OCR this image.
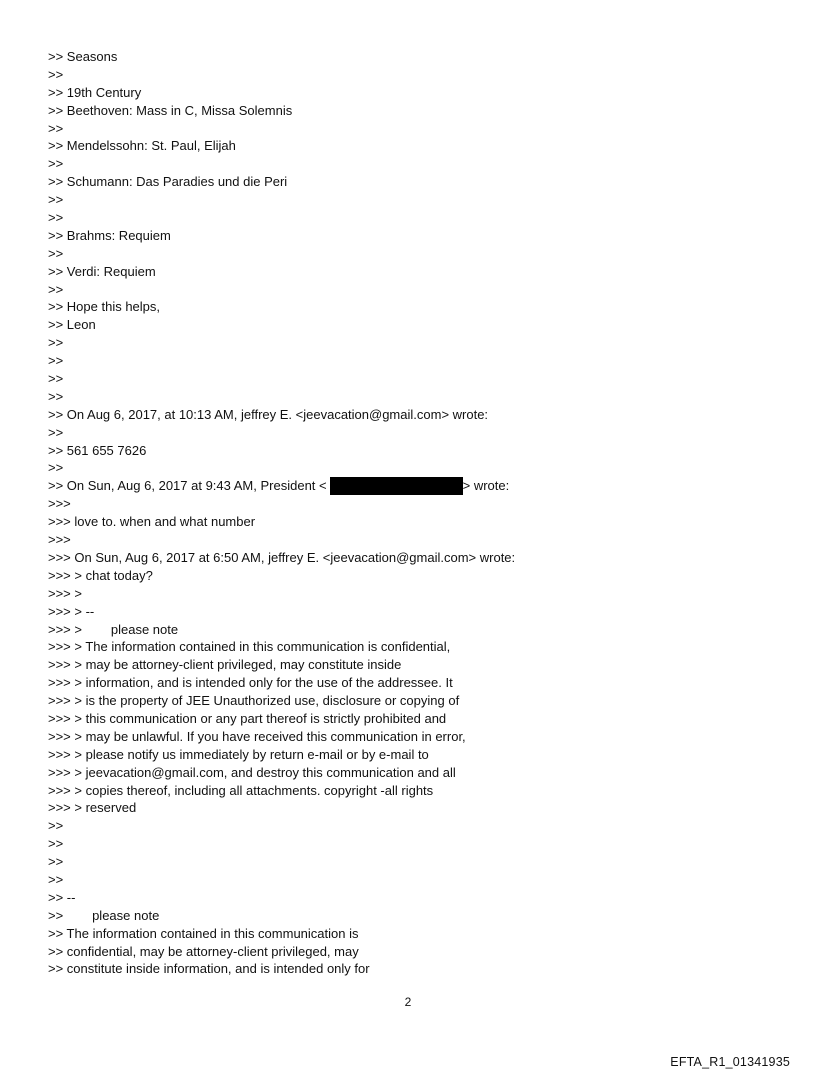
>> Seasons
>>
>> 19th Century
>> Beethoven: Mass in C, Missa Solemnis
>>
>> Mendelssohn: St. Paul, Elijah
>>
>> Schumann: Das Paradies und die Peri
>>
>>
>> Brahms: Requiem
>>
>> Verdi: Requiem
>>
>> Hope this helps,
>> Leon
>>
>>
>>
>>
>> On Aug 6, 2017, at 10:13 AM, jeffrey E. <jeevacation@gmail.com> wrote:
>>
>> 561 655 7626
>>
>> On Sun, Aug 6, 2017 at 9:43 AM, President <	> wrote:
>>>
>>> love to. when and what number
>>>
>>> On Sun, Aug 6, 2017 at 6:50 AM, jeffrey E. <jeevacation@gmail.com> wrote:
>>> > chat today?
>>> >
>>> > --
>>> >        please note
>>> > The information contained in this communication is confidential,
>>> > may be attorney-client privileged, may constitute inside
>>> > information, and is intended only for the use of the addressee. It
>>> > is the property of JEE Unauthorized use, disclosure or copying of
>>> > this communication or any part thereof is strictly prohibited and
>>> > may be unlawful. If you have received this communication in error,
>>> > please notify us immediately by return e-mail or by e-mail to
>>> > jeevacation@gmail.com, and destroy this communication and all
>>> > copies thereof, including all attachments. copyright -all rights
>>> > reserved
>>
>>
>>
>>
>> --
>>        please note
>> The information contained in this communication is
>> confidential, may be attorney-client privileged, may
>> constitute inside information, and is intended only for
2
EFTA_R1_01341935
